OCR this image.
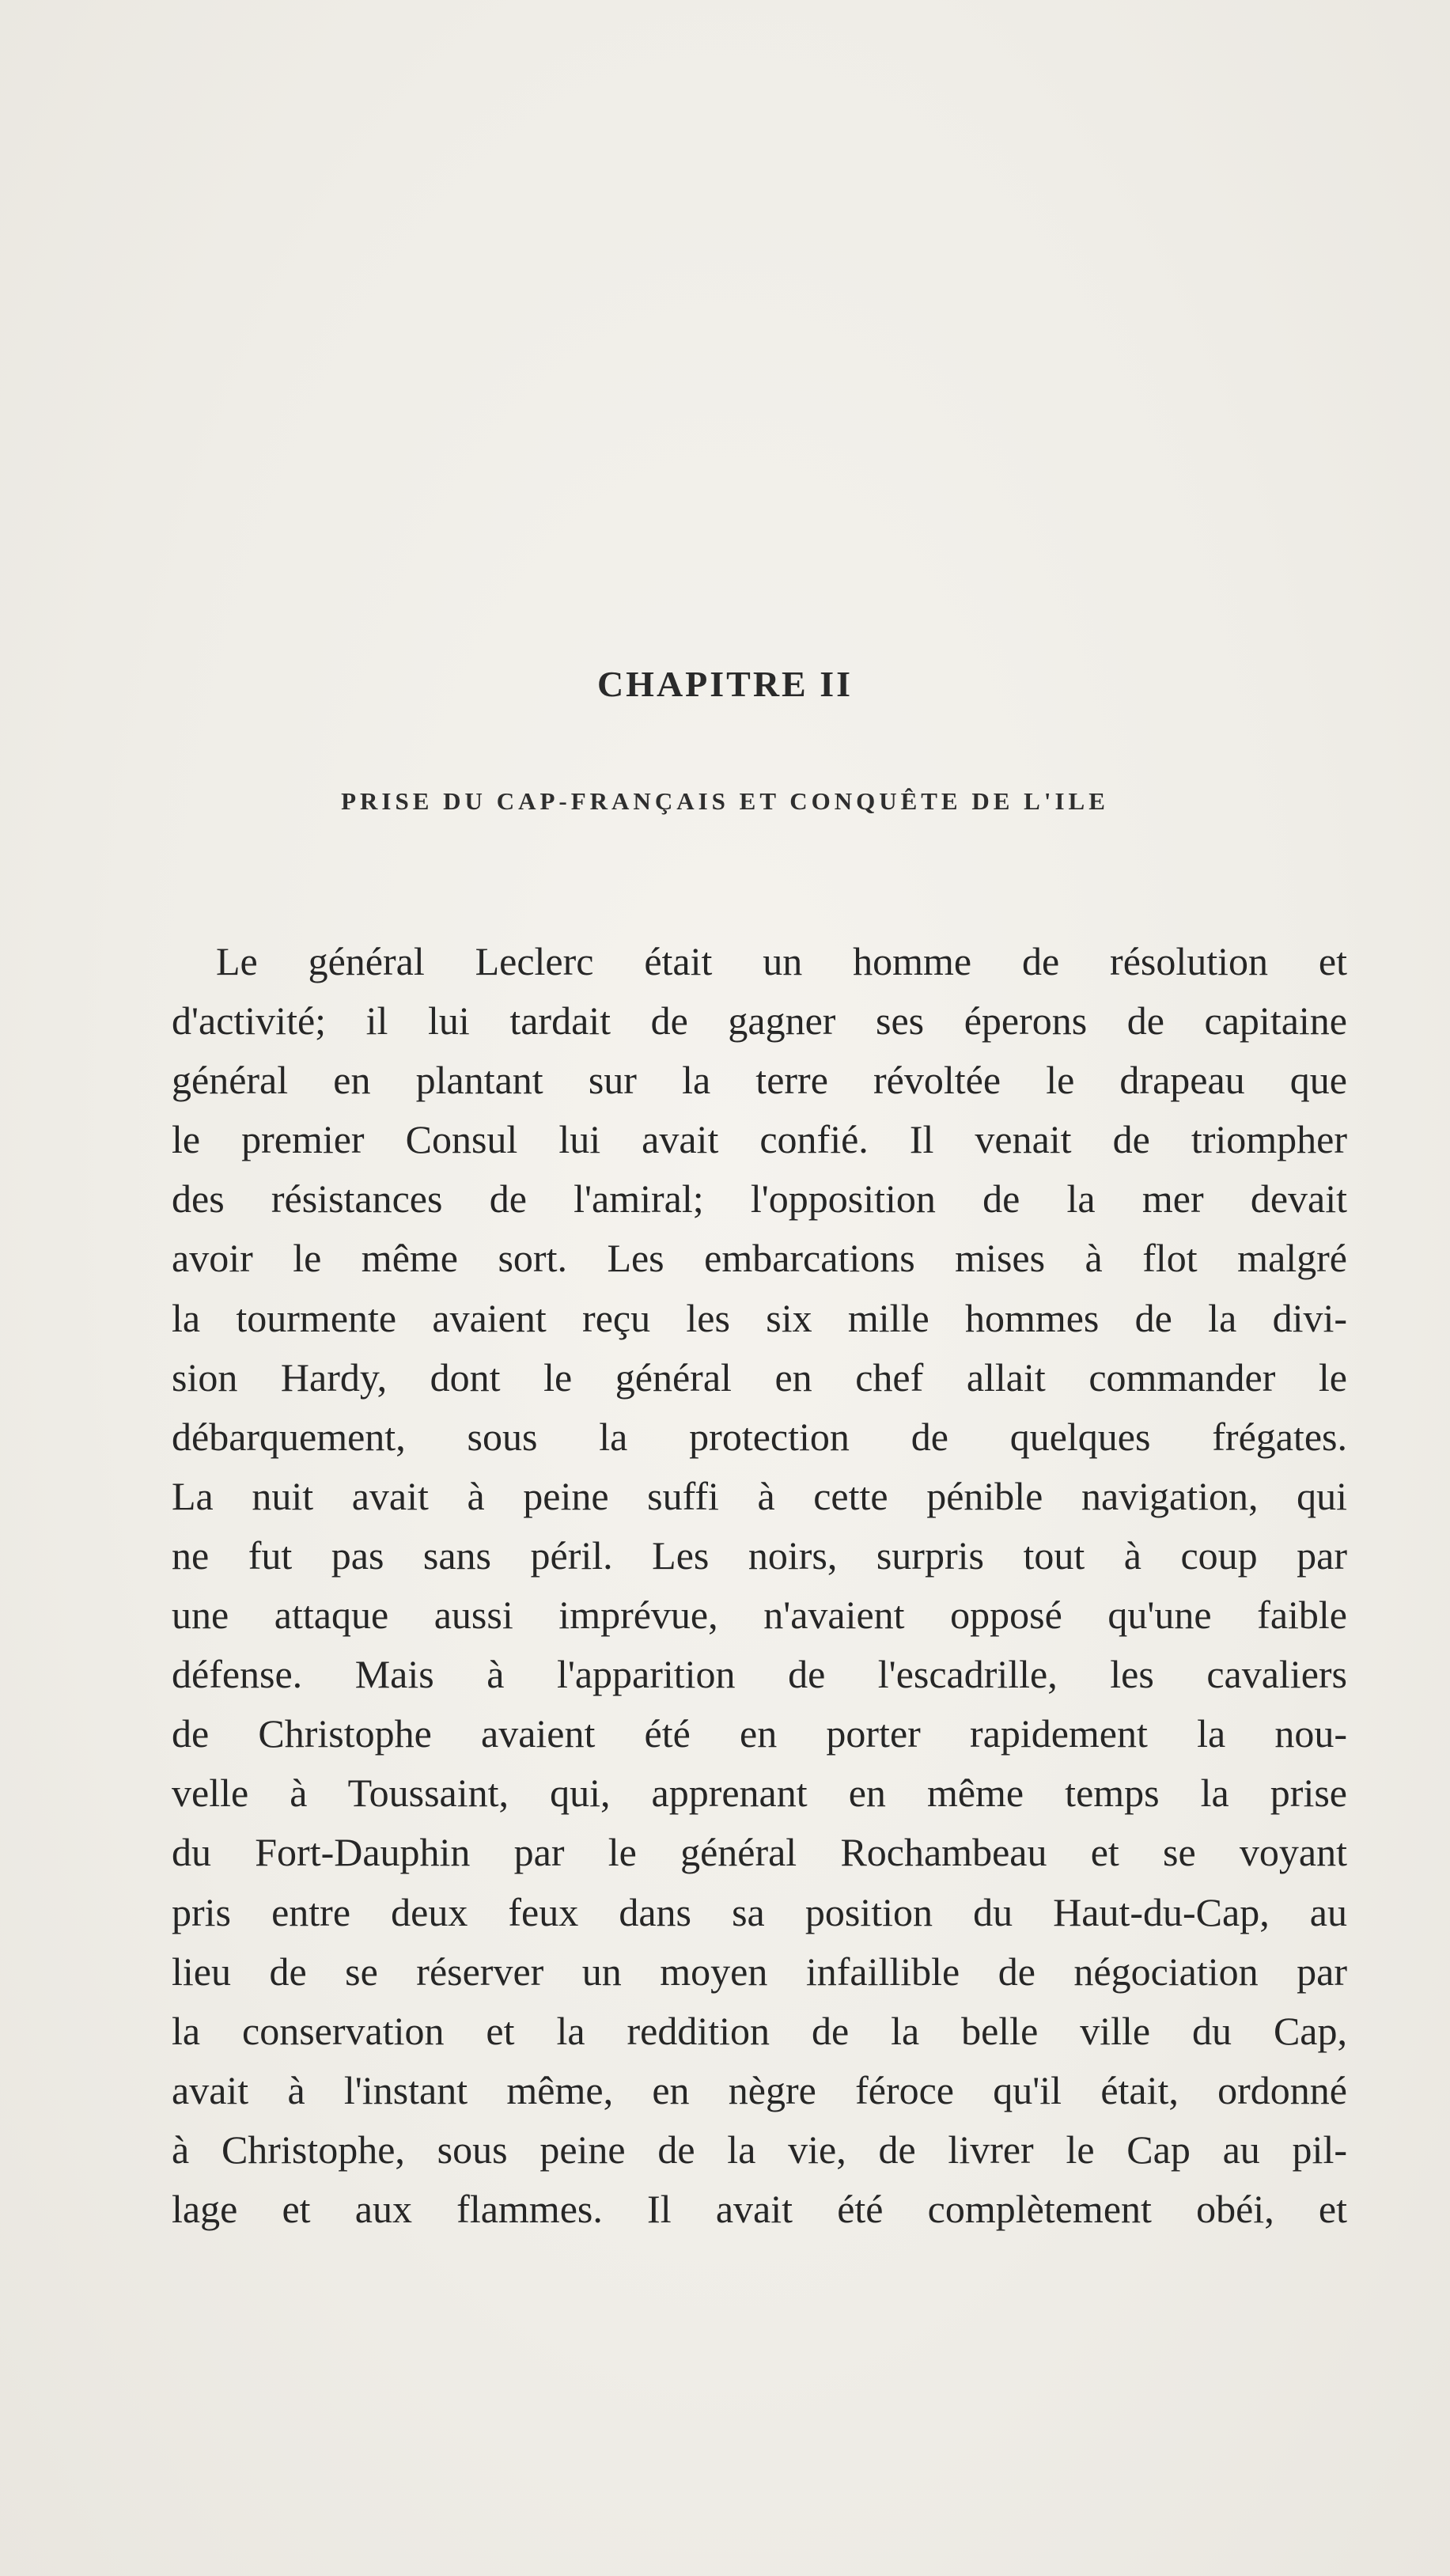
CHAPITRE II
PRISE DU CAP-FRANÇAIS ET CONQUÊTE DE L'ILE
Le général Leclerc était un homme de résolution et
d'activité; il lui tardait de gagner ses éperons de capitaine
général en plantant sur la terre révoltée le drapeau que
le premier Consul lui avait confié. Il venait de triompher
des résistances de l'amiral; l'opposition de la mer devait
avoir le même sort. Les embarcations mises à flot malgré
la tourmente avaient reçu les six mille hommes de la divi-
sion Hardy, dont le général en chef allait commander le
débarquement, sous la protection de quelques frégates.
La nuit avait à peine suffi à cette pénible navigation, qui
ne fut pas sans péril. Les noirs, surpris tout à coup par
une attaque aussi imprévue, n'avaient opposé qu'une faible
défense. Mais à l'apparition de l'escadrille, les cavaliers
de Christophe avaient été en porter rapidement la nou-
velle à Toussaint, qui, apprenant en même temps la prise
du Fort-Dauphin par le général Rochambeau et se voyant
pris entre deux feux dans sa position du Haut-du-Cap, au
lieu de se réserver un moyen infaillible de négociation par
la conservation et la reddition de la belle ville du Cap,
avait à l'instant même, en nègre féroce qu'il était, ordonné
à Christophe, sous peine de la vie, de livrer le Cap au pil-
lage et aux flammes. Il avait été complètement obéi, et
